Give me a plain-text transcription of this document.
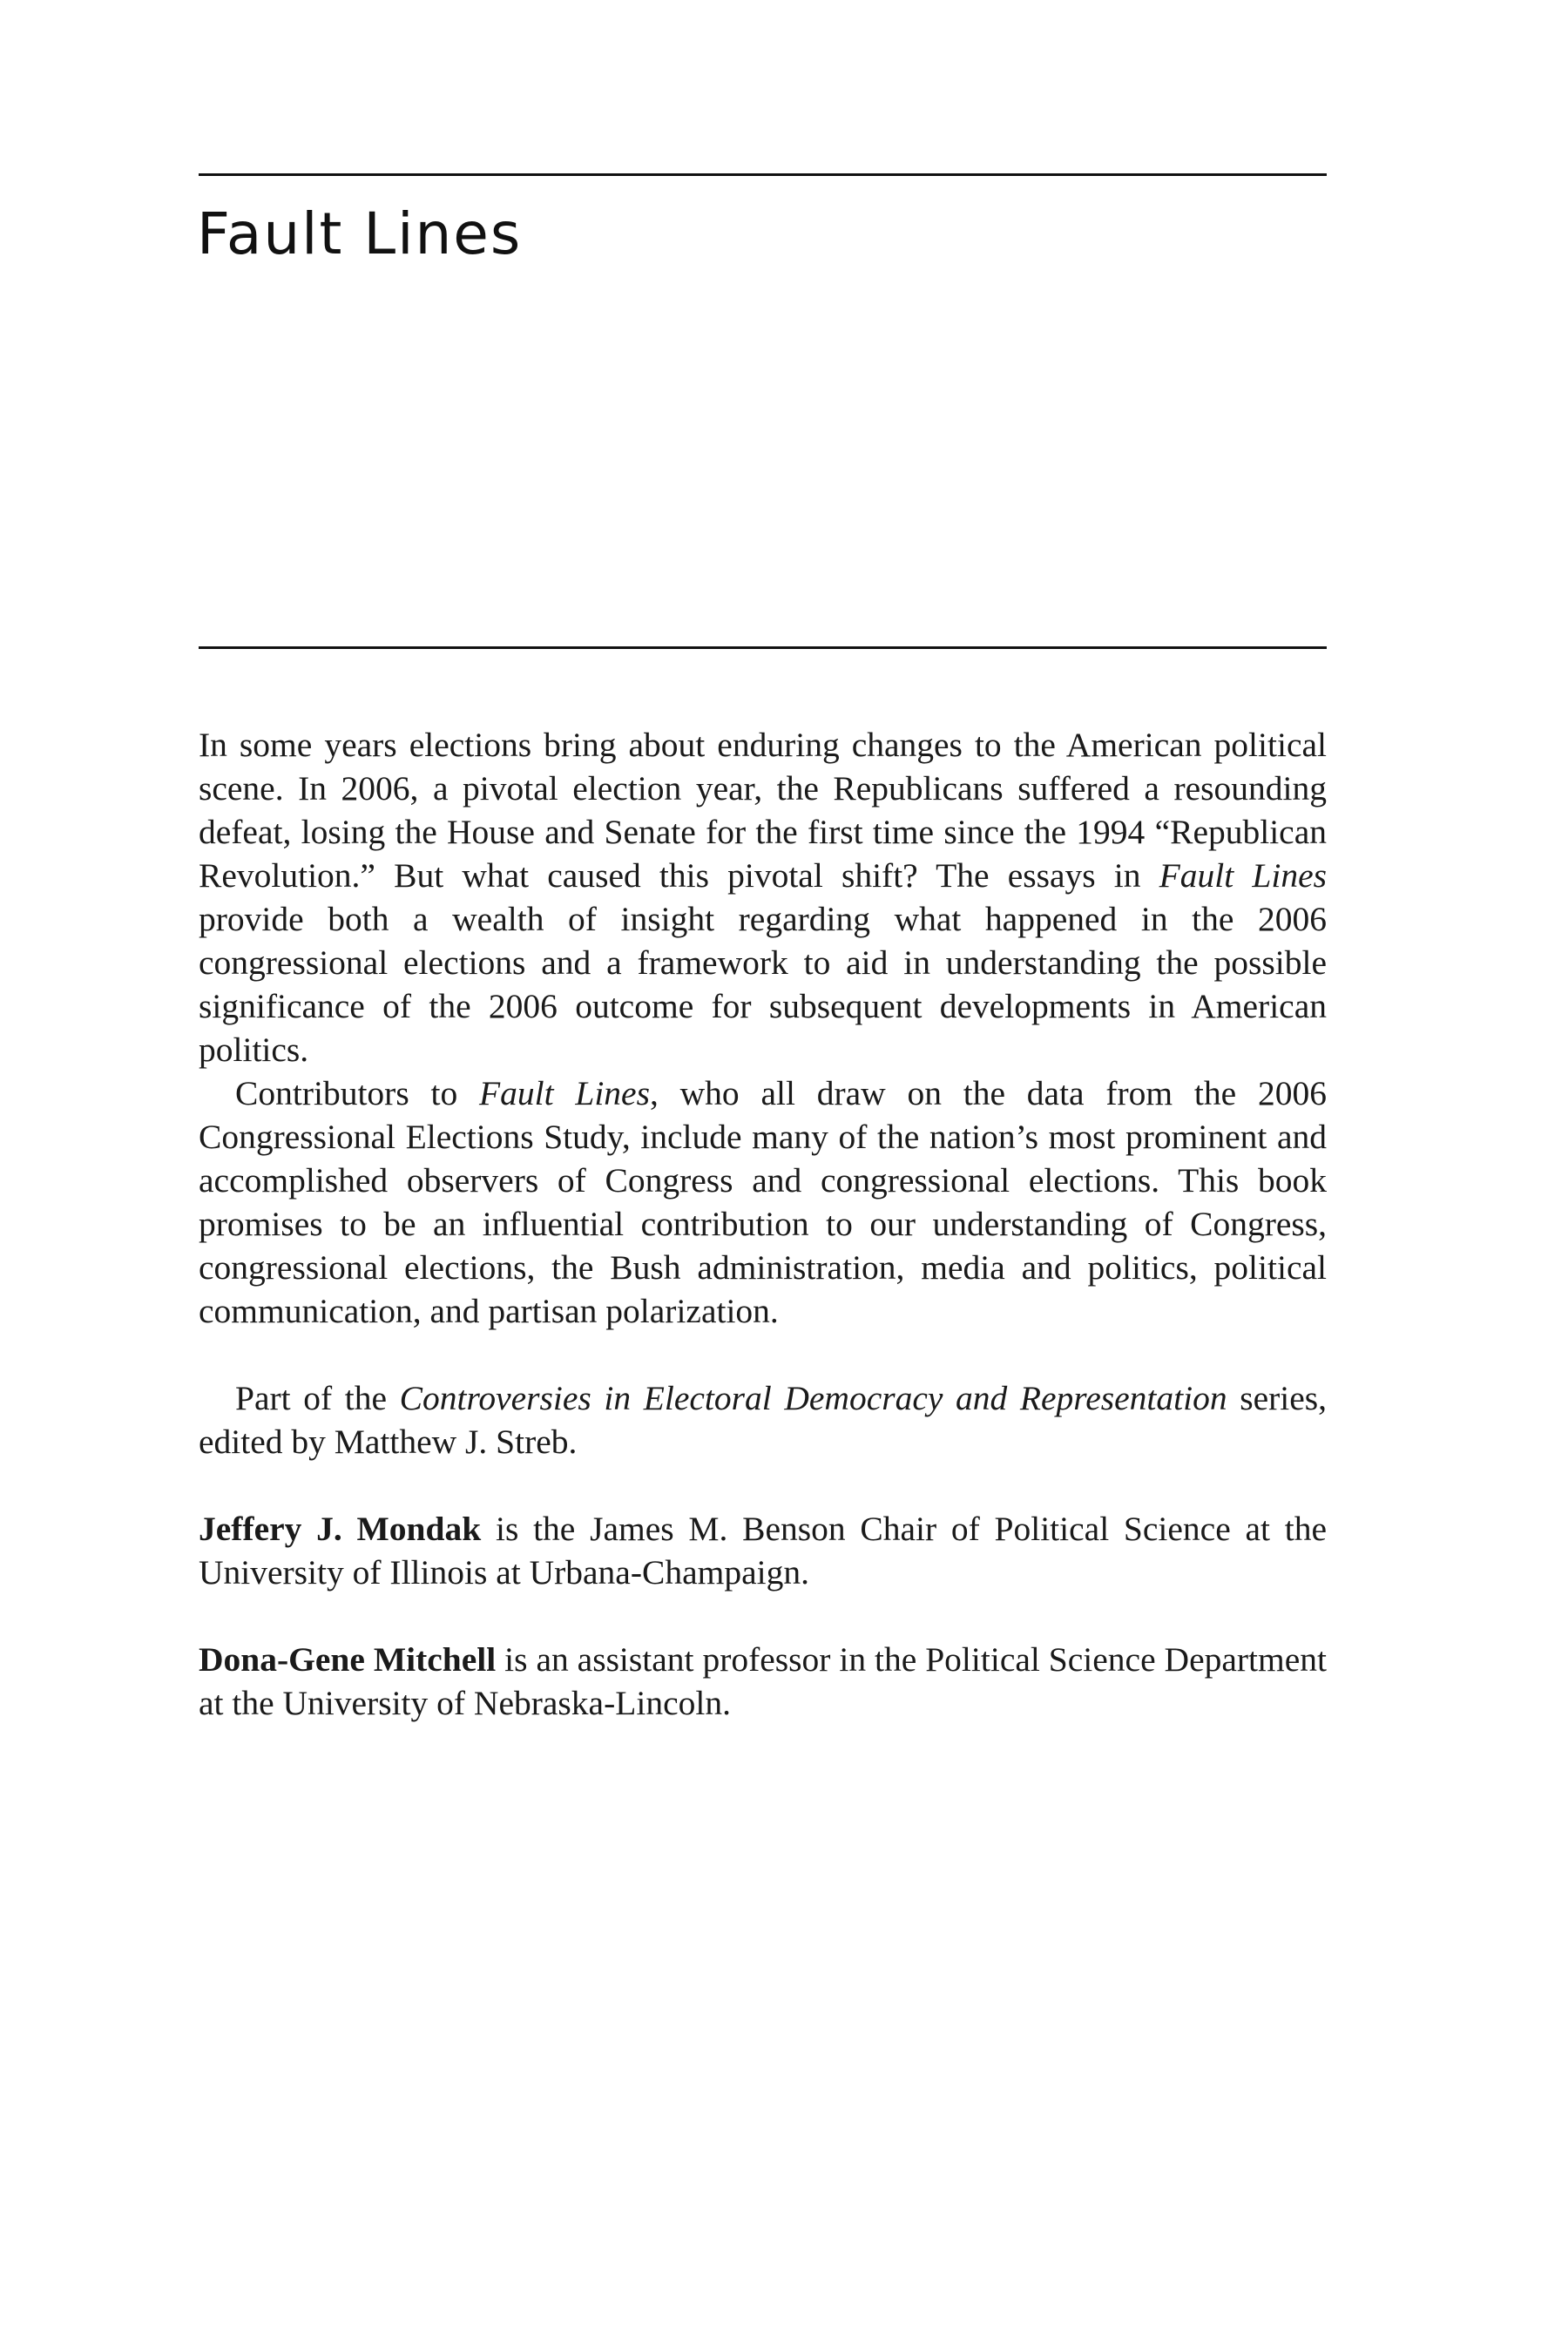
Fault Lines

In some years elections bring about enduring changes to the American political scene. In 2006, a pivotal election year, the Republicans suffered a resounding defeat, losing the House and Senate for the first time since the 1994 “Republican Revolution.” But what caused this pivotal shift? The essays in Fault Lines provide both a wealth of insight regarding what happened in the 2006 congressional elections and a framework to aid in understanding the possible significance of the 2006 outcome for subsequent developments in American politics.

Contributors to Fault Lines, who all draw on the data from the 2006 Congressional Elections Study, include many of the nation’s most prominent and accomplished observers of Congress and congressional elections. This book promises to be an influential contribution to our understanding of Congress, congressional elections, the Bush administration, media and politics, political communication, and partisan polarization.

Part of the Controversies in Electoral Democracy and Representation series, edited by Matthew J. Streb.

Jeffery J. Mondak is the James M. Benson Chair of Political Science at the University of Illinois at Urbana-Champaign.

Dona-Gene Mitchell is an assistant professor in the Political Science Department at the University of Nebraska-Lincoln.
